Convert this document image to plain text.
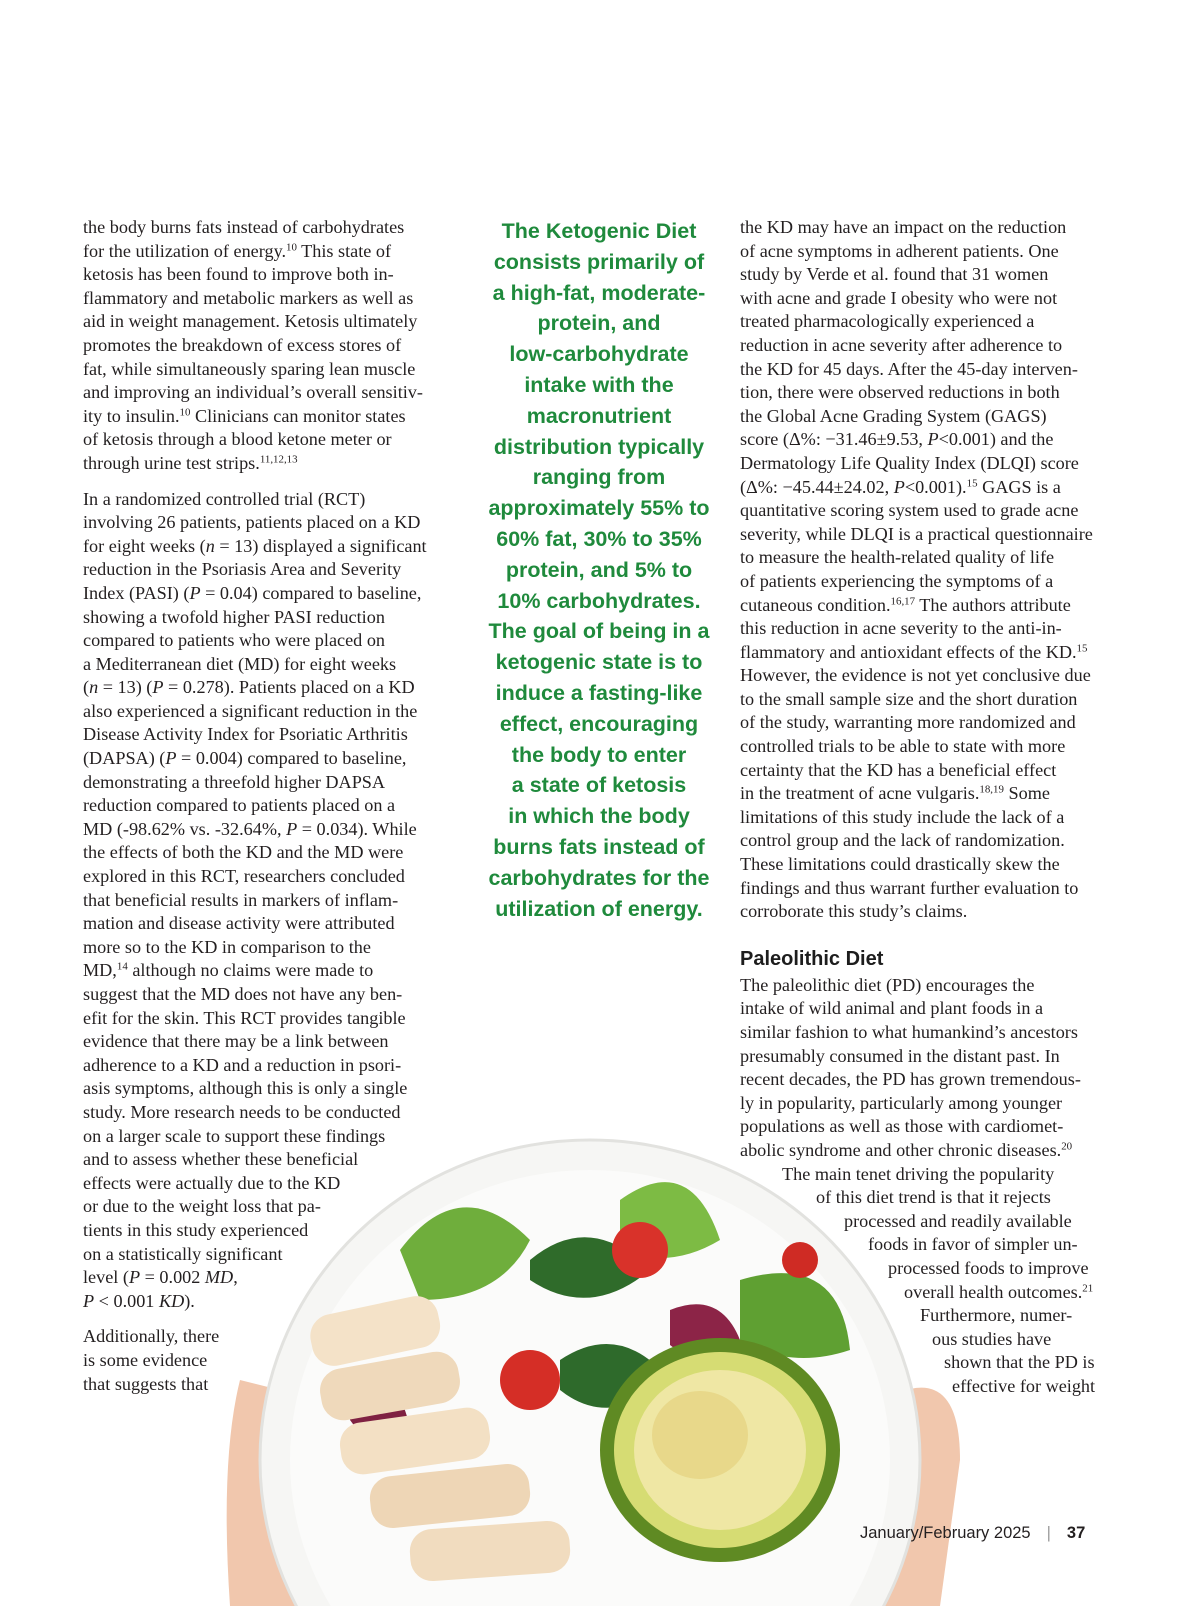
the body burns fats instead of carbohydrates
for the utilization of energy.$^{10}$ This state of
ketosis has been found to improve both in-
flammatory and metabolic markers as well as
aid in weight management. Ketosis ultimately
promotes the breakdown of excess stores of
fat, while simultaneously sparing lean muscle
and improving an individual’s overall sensitiv-
ity to insulin.$^{10}$ Clinicians can monitor states
of ketosis through a blood ketone meter or
through urine test strips.$^{11,12,13}$

In a randomized controlled trial (RCT)
involving 26 patients, patients placed on a KD
for eight weeks (n = 13) displayed a significant
reduction in the Psoriasis Area and Severity
Index (PASI) (P = 0.04) compared to baseline,
showing a twofold higher PASI reduction
compared to patients who were placed on
a Mediterranean diet (MD) for eight weeks
(n = 13) (P = 0.278). Patients placed on a KD
also experienced a significant reduction in the
Disease Activity Index for Psoriatic Arthritis
(DAPSA) (P = 0.004) compared to baseline,
demonstrating a threefold higher DAPSA
reduction compared to patients placed on a
MD (-98.62% vs. -32.64%, P = 0.034). While
the effects of both the KD and the MD were
explored in this RCT, researchers concluded
that beneficial results in markers of inflam-
mation and disease activity were attributed
more so to the KD in comparison to the
MD,$^{14}$ although no claims were made to
suggest that the MD does not have any ben-
efit for the skin. This RCT provides tangible
evidence that there may be a link between
adherence to a KD and a reduction in psori-
asis symptoms, although this is only a single
study. More research needs to be conducted
on a larger scale to support these findings
and to assess whether these beneficial
effects were actually due to the KD
or due to the weight loss that pa-
tients in this study experienced
on a statistically significant
level (P = 0.002 MD,
P < 0.001 KD).

Additionally, there
is some evidence
that suggests that

The Ketogenic Diet
consists primarily of
a high-fat, moderate-
protein, and
low-carbohydrate
intake with the
macronutrient
distribution typically
ranging from
approximately 55% to
60% fat, 30% to 35%
protein, and 5% to
10% carbohydrates.
The goal of being in a
ketogenic state is to
induce a fasting-like
effect, encouraging
the body to enter
a state of ketosis
in which the body
burns fats instead of
carbohydrates for the
utilization of energy.

the KD may have an impact on the reduction
of acne symptoms in adherent patients. One
study by Verde et al. found that 31 women
with acne and grade I obesity who were not
treated pharmacologically experienced a
reduction in acne severity after adherence to
the KD for 45 days. After the 45-day interven-
tion, there were observed reductions in both
the Global Acne Grading System (GAGS)
score (Δ%: −31.46±9.53, P<0.001) and the
Dermatology Life Quality Index (DLQI) score
(Δ%: −45.44±24.02, P<0.001).$^{15}$ GAGS is a
quantitative scoring system used to grade acne
severity, while DLQI is a practical questionnaire
to measure the health-related quality of life
of patients experiencing the symptoms of a
cutaneous condition.$^{16,17}$ The authors attribute
this reduction in acne severity to the anti-in-
flammatory and antioxidant effects of the KD.$^{15}$
However, the evidence is not yet conclusive due
to the small sample size and the short duration
of the study, warranting more randomized and
controlled trials to be able to state with more
certainty that the KD has a beneficial effect
in the treatment of acne vulgaris.$^{18,19}$ Some
limitations of this study include the lack of a
control group and the lack of randomization.
These limitations could drastically skew the
findings and thus warrant further evaluation to
corroborate this study’s claims.

Paleolithic Diet
The paleolithic diet (PD) encourages the
intake of wild animal and plant foods in a
similar fashion to what humankind’s ancestors
presumably consumed in the distant past. In
recent decades, the PD has grown tremendous-
ly in popularity, particularly among younger
populations as well as those with cardiomet-
abolic syndrome and other chronic diseases.$^{20}$
The main tenet driving the popularity
of this diet trend is that it rejects
processed and readily available
foods in favor of simpler un-
processed foods to improve
overall health outcomes.$^{21}$
Furthermore, numer-
ous studies have
shown that the PD is
effective for weight
January/February 2025 | 37
